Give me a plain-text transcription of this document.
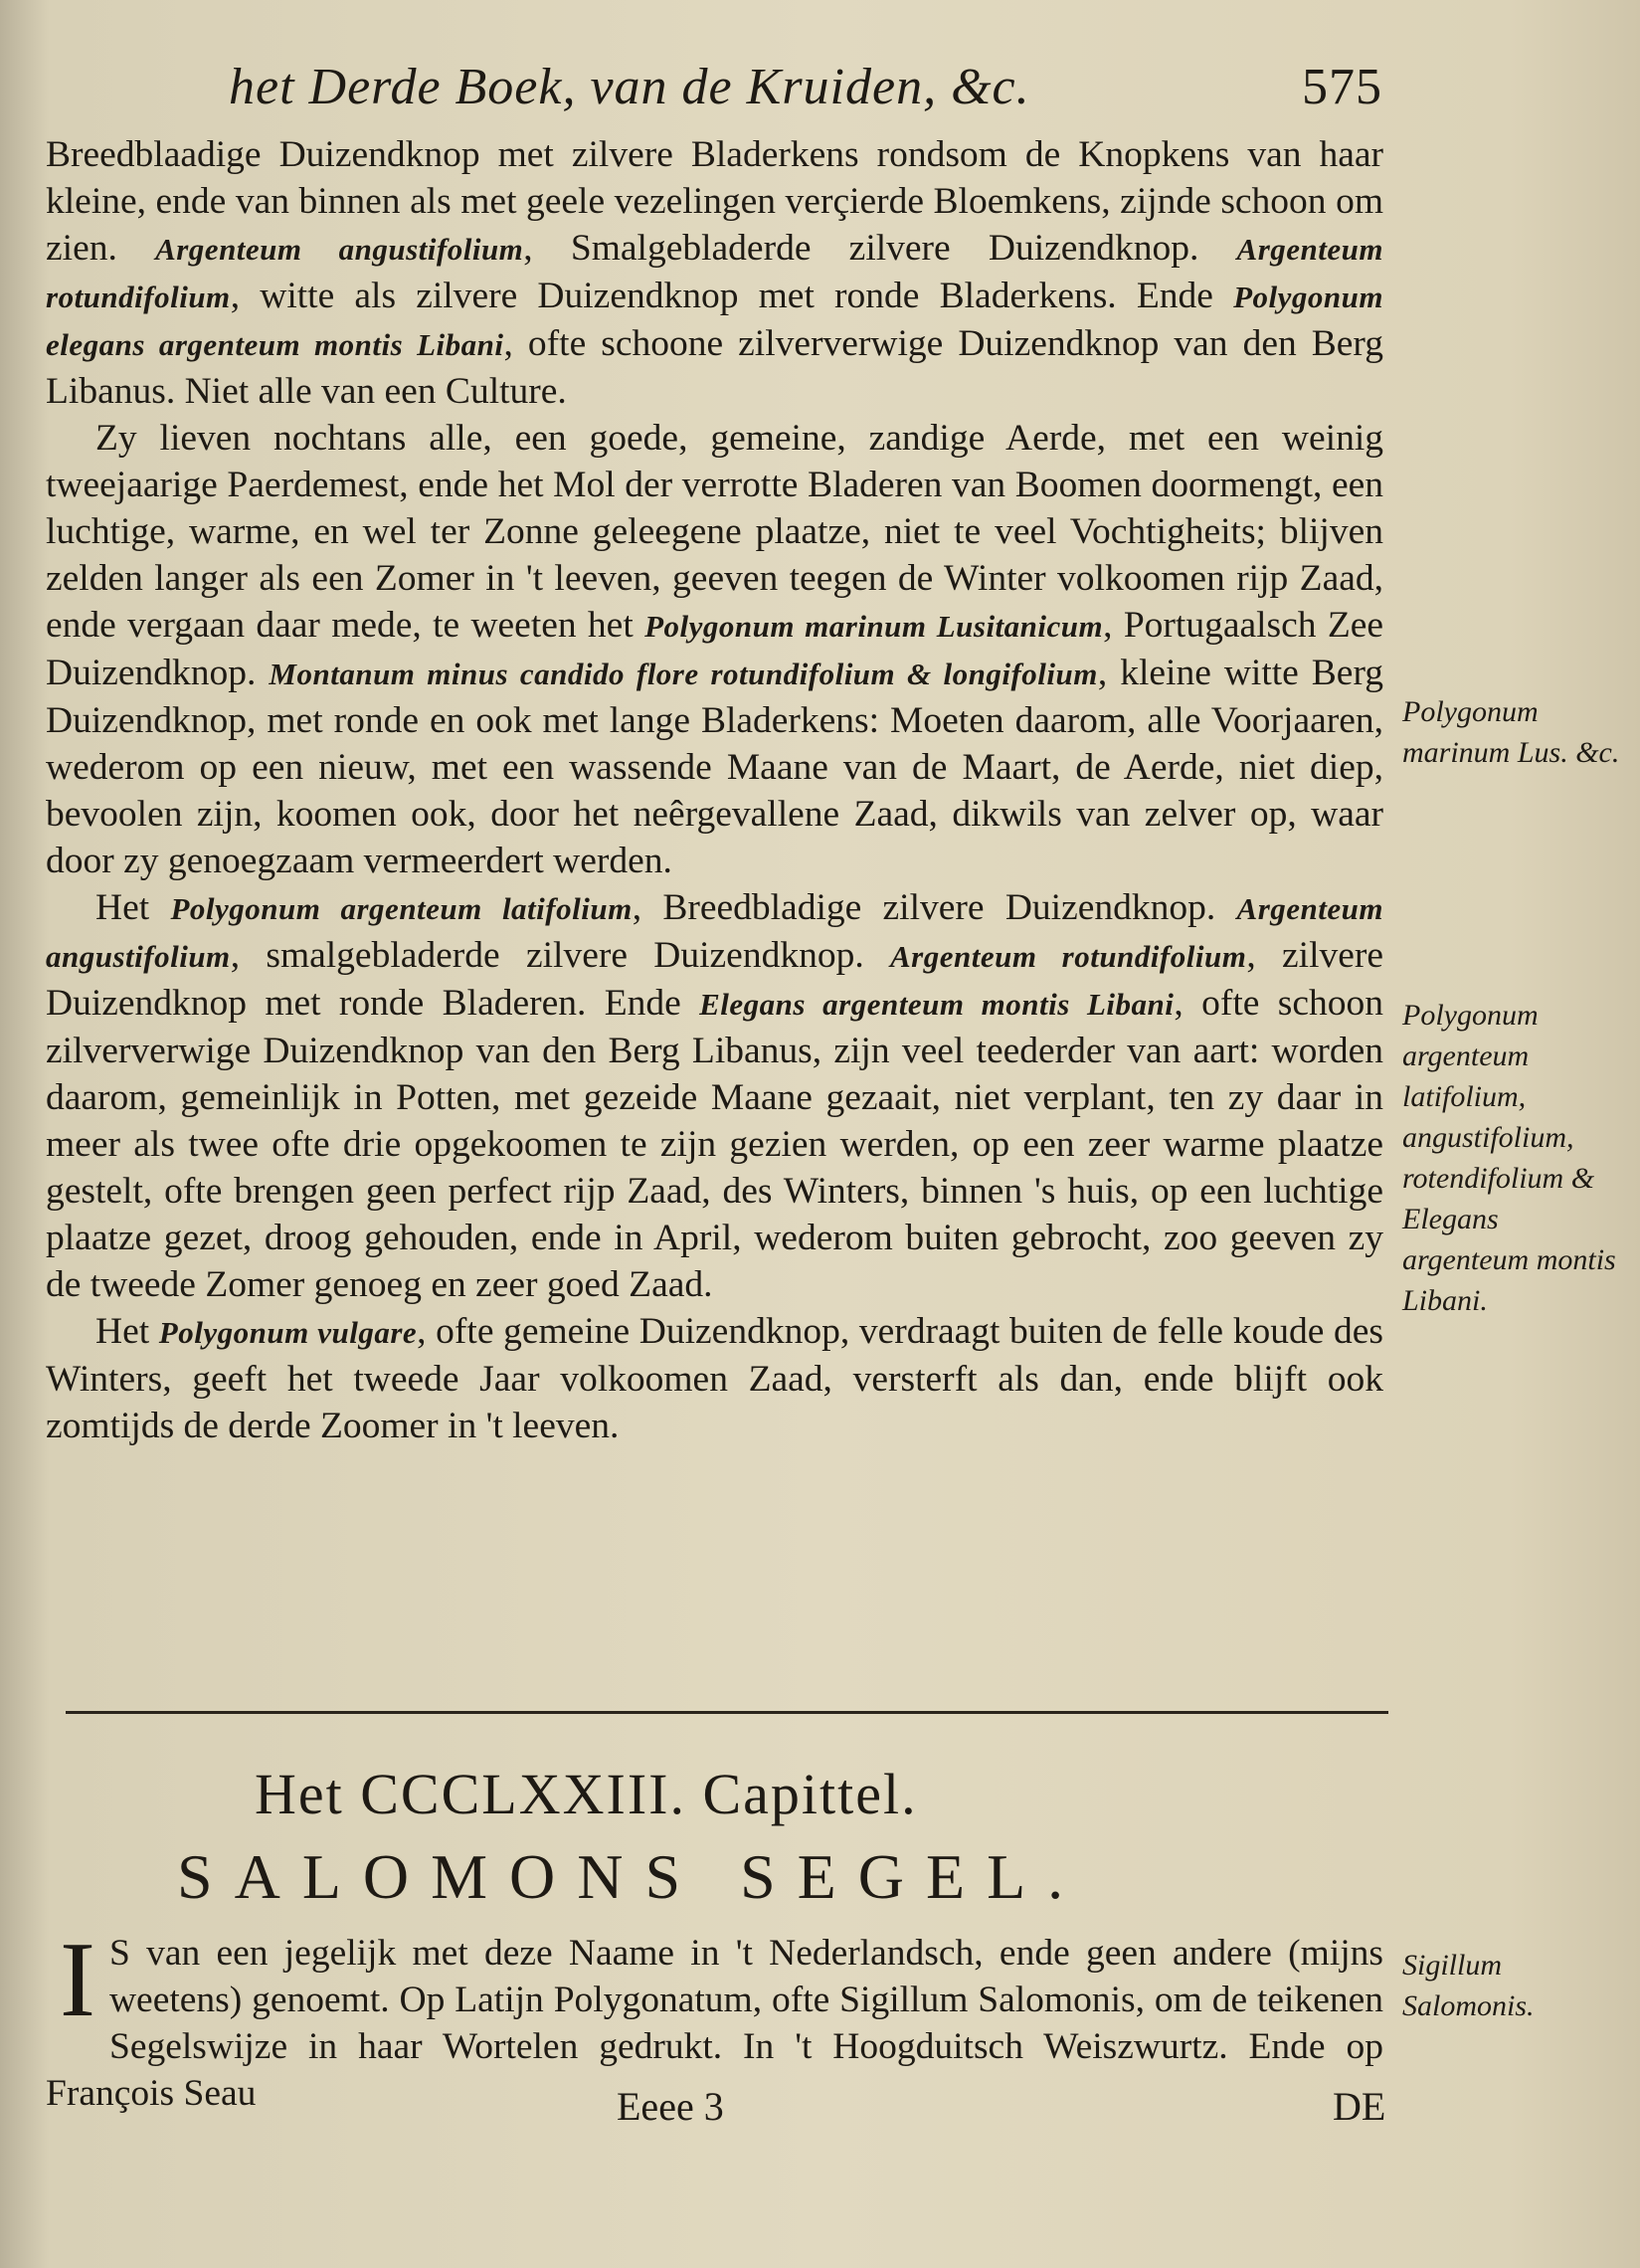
het Derde Boek, van de Kruiden, &c.	575

Breedblaadige Duizendknop met zilvere Bladerkens rondsom de Knopkens van haar kleine, ende van binnen als met geele vezelingen verçierde Bloemkens, zijnde schoon om zien. Argenteum angustifolium, Smalgebladerde zilvere Duizendknop. Argenteum rotundifolium, witte als zilvere Duizendknop met ronde Bladerkens. Ende Polygonum elegans argenteum montis Libani, ofte schoone zilververwige Duizendknop van den Berg Libanus. Niet alle van een Culture.

Zy lieven nochtans alle, een goede, gemeine, zandige Aerde, met een weinig tweejaarige Paerdemest, ende het Mol der verrotte Bladeren van Boomen doormengt, een luchtige, warme, en wel ter Zonne geleegene plaatze, niet te veel Vochtigheits; blijven zelden langer als een Zomer in 't leeven, geeven teegen de Winter volkoomen rijp Zaad, ende vergaan daar mede, te weeten het Polygonum marinum Lusitanicum, Portugaalsch Zee Duizendknop. Montanum minus candido flore rotundifolium & longifolium, kleine witte Berg Duizendknop, met ronde en ook met lange Bladerkens: Moeten daarom, alle Voorjaaren, wederom op een nieuw, met een wassende Maane van de Maart, de Aerde, niet diep, bevoolen zijn, koomen ook, door het neêrgevallene Zaad, dikwils van zelver op, waar door zy genoegzaam vermeerdert werden.

Het Polygonum argenteum latifolium, Breedbladige zilvere Duizendknop. Argenteum angustifolium, smalgebladerde zilvere Duizendknop. Argenteum rotundifolium, zilvere Duizendknop met ronde Bladeren. Ende Elegans argenteum montis Libani, ofte schoon zilververwige Duizendknop van den Berg Libanus, zijn veel teederder van aart: worden daarom, gemeinlijk in Potten, met gezeide Maane gezaait, niet verplant, ten zy daar in meer als twee ofte drie opgekoomen te zijn gezien werden, op een zeer warme plaatze gestelt, ofte brengen geen perfect rijp Zaad, des Winters, binnen 's huis, op een luchtige plaatze gezet, droog gehouden, ende in April, wederom buiten gebrocht, zoo geeven zy de tweede Zomer genoeg en zeer goed Zaad.

Het Polygonum vulgare, ofte gemeine Duizendknop, verdraagt buiten de felle koude des Winters, geeft het tweede Jaar volkoomen Zaad, versterft als dan, ende blijft ook zomtijds de derde Zoomer in 't leeven.

Polygonum marinum Lus. &c.
Polygonum argenteum latifolium, angustifolium, rotendifolium & Elegans argenteum montis Libani.
Sigillum Salomonis.
Het CCCLXXIII. Capittel.
SALOMONS SEGEL.
I S van een jegelijk met deze Naame in 't Nederlandsch, ende geen andere (mijns weetens) genoemt. Op Latijn Polygonatum, ofte Sigillum Salomonis, om de teikenen Segelswijze in haar Wortelen gedrukt. In 't Hoogduitsch Weiszwurtz. Ende op François Seau	Eeee 3	DE
